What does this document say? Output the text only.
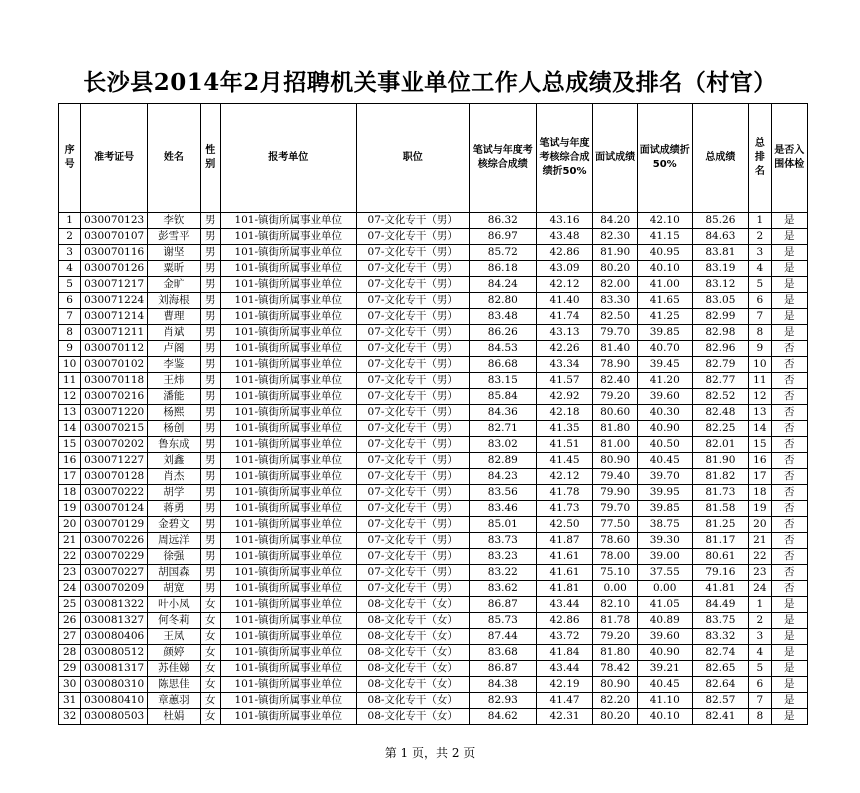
长沙县2014年2月招聘机关事业单位工作人总成绩及排名（村官）
序号	准考证号	姓名	性别	报考单位	职位	笔试与年度考核综合成绩	笔试与年度考核综合成绩折50%	面试成绩	面试成绩折50%	总成绩	总排名	是否入围体检
1	030070123	李钦	男	101-镇街所属事业单位	07-文化专干（男）	86.32	43.16	84.20	42.10	85.26	1	是
2	030070107	彭雪平	男	101-镇街所属事业单位	07-文化专干（男）	86.97	43.48	82.30	41.15	84.63	2	是
3	030070116	谢坚	男	101-镇街所属事业单位	07-文化专干（男）	85.72	42.86	81.90	40.95	83.81	3	是
4	030070126	粟昕	男	101-镇街所属事业单位	07-文化专干（男）	86.18	43.09	80.20	40.10	83.19	4	是
5	030071217	金旷	男	101-镇街所属事业单位	07-文化专干（男）	84.24	42.12	82.00	41.00	83.12	5	是
6	030071224	刘海根	男	101-镇街所属事业单位	07-文化专干（男）	82.80	41.40	83.30	41.65	83.05	6	是
7	030071214	曹理	男	101-镇街所属事业单位	07-文化专干（男）	83.48	41.74	82.50	41.25	82.99	7	是
8	030071211	肖斌	男	101-镇街所属事业单位	07-文化专干（男）	86.26	43.13	79.70	39.85	82.98	8	是
9	030070112	卢阁	男	101-镇街所属事业单位	07-文化专干（男）	84.53	42.26	81.40	40.70	82.96	9	否
10	030070102	李鉴	男	101-镇街所属事业单位	07-文化专干（男）	86.68	43.34	78.90	39.45	82.79	10	否
11	030070118	王炜	男	101-镇街所属事业单位	07-文化专干（男）	83.15	41.57	82.40	41.20	82.77	11	否
12	030070216	潘能	男	101-镇街所属事业单位	07-文化专干（男）	85.84	42.92	79.20	39.60	82.52	12	否
13	030071220	杨熙	男	101-镇街所属事业单位	07-文化专干（男）	84.36	42.18	80.60	40.30	82.48	13	否
14	030070215	杨创	男	101-镇街所属事业单位	07-文化专干（男）	82.71	41.35	81.80	40.90	82.25	14	否
15	030070202	鲁东成	男	101-镇街所属事业单位	07-文化专干（男）	83.02	41.51	81.00	40.50	82.01	15	否
16	030071227	刘鑫	男	101-镇街所属事业单位	07-文化专干（男）	82.89	41.45	80.90	40.45	81.90	16	否
17	030070128	肖杰	男	101-镇街所属事业单位	07-文化专干（男）	84.23	42.12	79.40	39.70	81.82	17	否
18	030070222	胡学	男	101-镇街所属事业单位	07-文化专干（男）	83.56	41.78	79.90	39.95	81.73	18	否
19	030070124	蒋勇	男	101-镇街所属事业单位	07-文化专干（男）	83.46	41.73	79.70	39.85	81.58	19	否
20	030070129	金碧文	男	101-镇街所属事业单位	07-文化专干（男）	85.01	42.50	77.50	38.75	81.25	20	否
21	030070226	周远洋	男	101-镇街所属事业单位	07-文化专干（男）	83.73	41.87	78.60	39.30	81.17	21	否
22	030070229	徐强	男	101-镇街所属事业单位	07-文化专干（男）	83.23	41.61	78.00	39.00	80.61	22	否
23	030070227	胡国森	男	101-镇街所属事业单位	07-文化专干（男）	83.22	41.61	75.10	37.55	79.16	23	否
24	030070209	胡宽	男	101-镇街所属事业单位	07-文化专干（男）	83.62	41.81	0.00	0.00	41.81	24	否
25	030081322	叶小凤	女	101-镇街所属事业单位	08-文化专干（女）	86.87	43.44	82.10	41.05	84.49	1	是
26	030081327	何冬莉	女	101-镇街所属事业单位	08-文化专干（女）	85.73	42.86	81.78	40.89	83.75	2	是
27	030080406	王凤	女	101-镇街所属事业单位	08-文化专干（女）	87.44	43.72	79.20	39.60	83.32	3	是
28	030080512	颜婷	女	101-镇街所属事业单位	08-文化专干（女）	83.68	41.84	81.80	40.90	82.74	4	是
29	030081317	苏佳娣	女	101-镇街所属事业单位	08-文化专干（女）	86.87	43.44	78.42	39.21	82.65	5	是
30	030080310	陈思佳	女	101-镇街所属事业单位	08-文化专干（女）	84.38	42.19	80.90	40.45	82.64	6	是
31	030080410	章蕙羽	女	101-镇街所属事业单位	08-文化专干（女）	82.93	41.47	82.20	41.10	82.57	7	是
32	030080503	杜娟	女	101-镇街所属事业单位	08-文化专干（女）	84.62	42.31	80.20	40.10	82.41	8	是
第 1 页，共 2 页
